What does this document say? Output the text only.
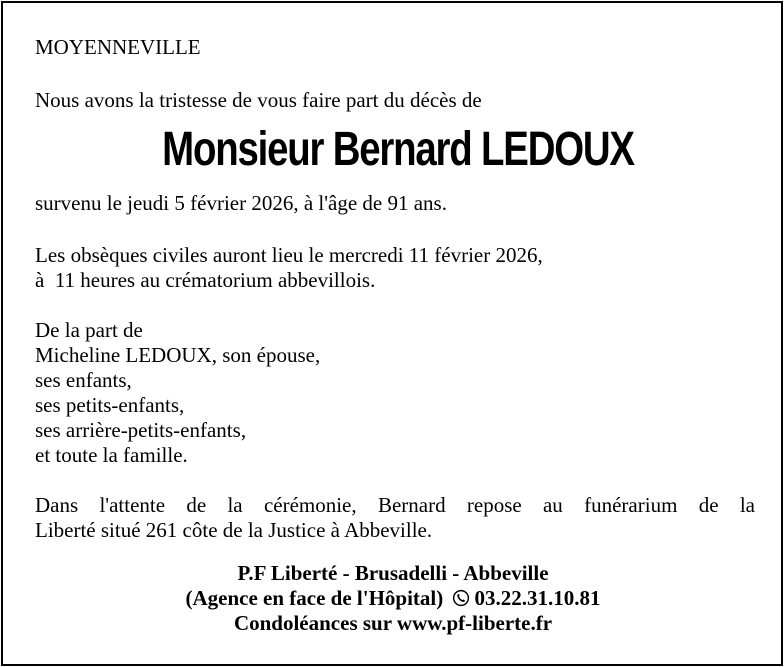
MOYENNEVILLE
Nous avons la tristesse de vous faire part du décès de
Monsieur Bernard LEDOUX
survenu le jeudi 5 février 2026, à l'âge de 91 ans.
Les obsèques civiles auront lieu le mercredi 11 février 2026,
à  11 heures au crématorium abbevillois.
De la part de
Micheline LEDOUX, son épouse,
ses enfants,
ses petits-enfants,
ses arrière-petits-enfants,
et toute la famille.
Dans l'attente de la cérémonie, Bernard repose au funérarium de la
Liberté situé 261 côte de la Justice à Abbeville.
P.F Liberté - Brusadelli - Abbeville
(Agence en face de l'Hôpital) 03.22.31.10.81
Condoléances sur www.pf-liberte.fr
